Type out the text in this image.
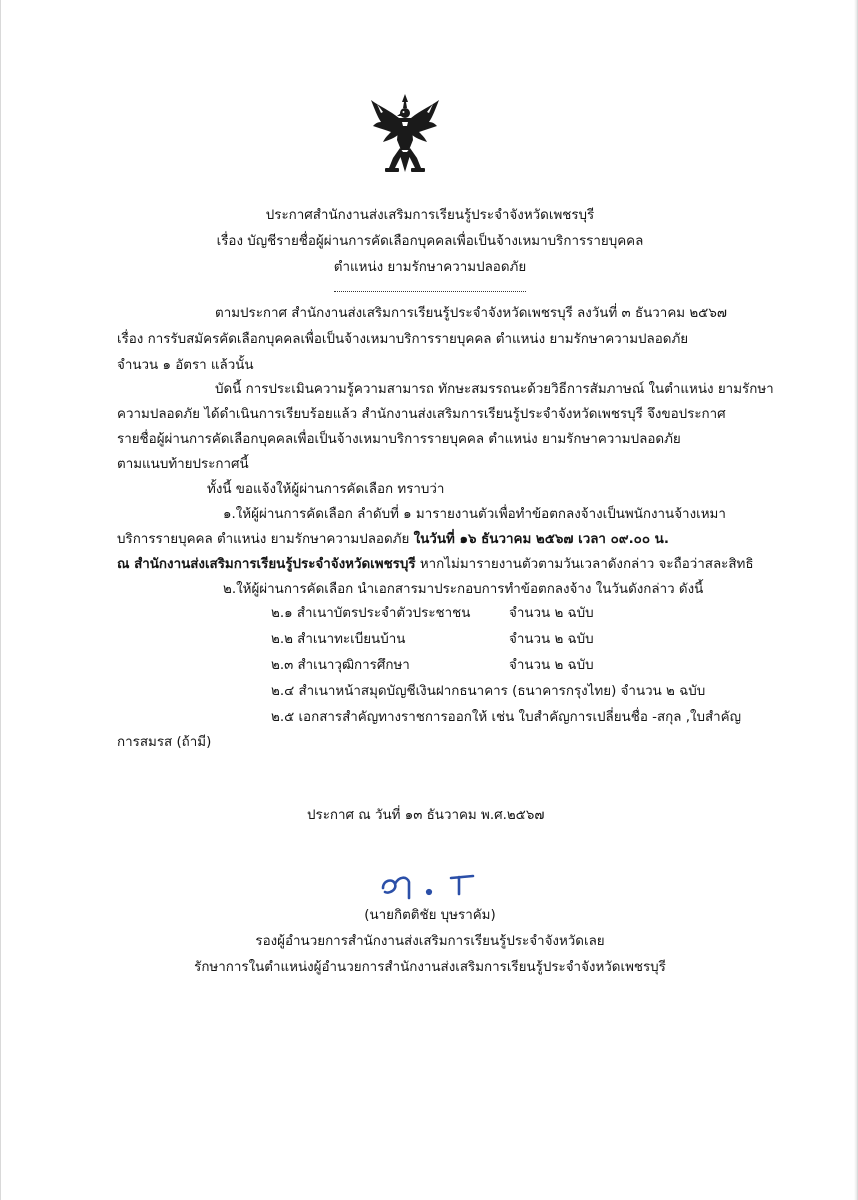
ประกาศสำนักงานส่งเสริมการเรียนรู้ประจำจังหวัดเพชรบุรี
เรื่อง บัญชีรายชื่อผู้ผ่านการคัดเลือกบุคคลเพื่อเป็นจ้างเหมาบริการรายบุคคล
ตำแหน่ง ยามรักษาความปลอดภัย
ตามประกาศ สำนักงานส่งเสริมการเรียนรู้ประจำจังหวัดเพชรบุรี ลงวันที่ ๓ ธันวาคม ๒๕๖๗
เรื่อง การรับสมัครคัดเลือกบุคคลเพื่อเป็นจ้างเหมาบริการรายบุคคล ตำแหน่ง ยามรักษาความปลอดภัย
จำนวน ๑ อัตรา แล้วนั้น
บัดนี้ การประเมินความรู้ความสามารถ ทักษะสมรรถนะด้วยวิธีการสัมภาษณ์ ในตำแหน่ง ยามรักษา
ความปลอดภัย ได้ดำเนินการเรียบร้อยแล้ว สำนักงานส่งเสริมการเรียนรู้ประจำจังหวัดเพชรบุรี จึงขอประกาศ
รายชื่อผู้ผ่านการคัดเลือกบุคคลเพื่อเป็นจ้างเหมาบริการรายบุคคล ตำแหน่ง ยามรักษาความปลอดภัย
ตามแนบท้ายประกาศนี้
ทั้งนี้ ขอแจ้งให้ผู้ผ่านการคัดเลือก ทราบว่า
๑.ให้ผู้ผ่านการคัดเลือก ลำดับที่ ๑ มารายงานตัวเพื่อทำข้อตกลงจ้างเป็นพนักงานจ้างเหมา
บริการรายบุคคล ตำแหน่ง ยามรักษาความปลอดภัย ในวันที่ ๑๖ ธันวาคม ๒๕๖๗ เวลา ๐๙.๐๐ น.
ณ สำนักงานส่งเสริมการเรียนรู้ประจำจังหวัดเพชรบุรี หากไม่มารายงานตัวตามวันเวลาดังกล่าว จะถือว่าสละสิทธิ
๒.ให้ผู้ผ่านการคัดเลือก นำเอกสารมาประกอบการทำข้อตกลงจ้าง ในวันดังกล่าว ดังนี้
๒.๑ สำเนาบัตรประจำตัวประชาชน	จำนวน ๒ ฉบับ
๒.๒ สำเนาทะเบียนบ้าน	จำนวน ๒ ฉบับ
๒.๓ สำเนาวุฒิการศึกษา	จำนวน ๒ ฉบับ
๒.๔ สำเนาหน้าสมุดบัญชีเงินฝากธนาคาร (ธนาคารกรุงไทย) จำนวน ๒ ฉบับ
๒.๕ เอกสารสำคัญทางราชการออกให้ เช่น ใบสำคัญการเปลี่ยนชื่อ -สกุล ,ใบสำคัญ
การสมรส (ถ้ามี)
ประกาศ ณ วันที่ ๑๓ ธันวาคม พ.ศ.๒๕๖๗
(นายกิตติชัย บุษราคัม)
รองผู้อำนวยการสำนักงานส่งเสริมการเรียนรู้ประจำจังหวัดเลย
รักษาการในตำแหน่งผู้อำนวยการสำนักงานส่งเสริมการเรียนรู้ประจำจังหวัดเพชรบุรี
